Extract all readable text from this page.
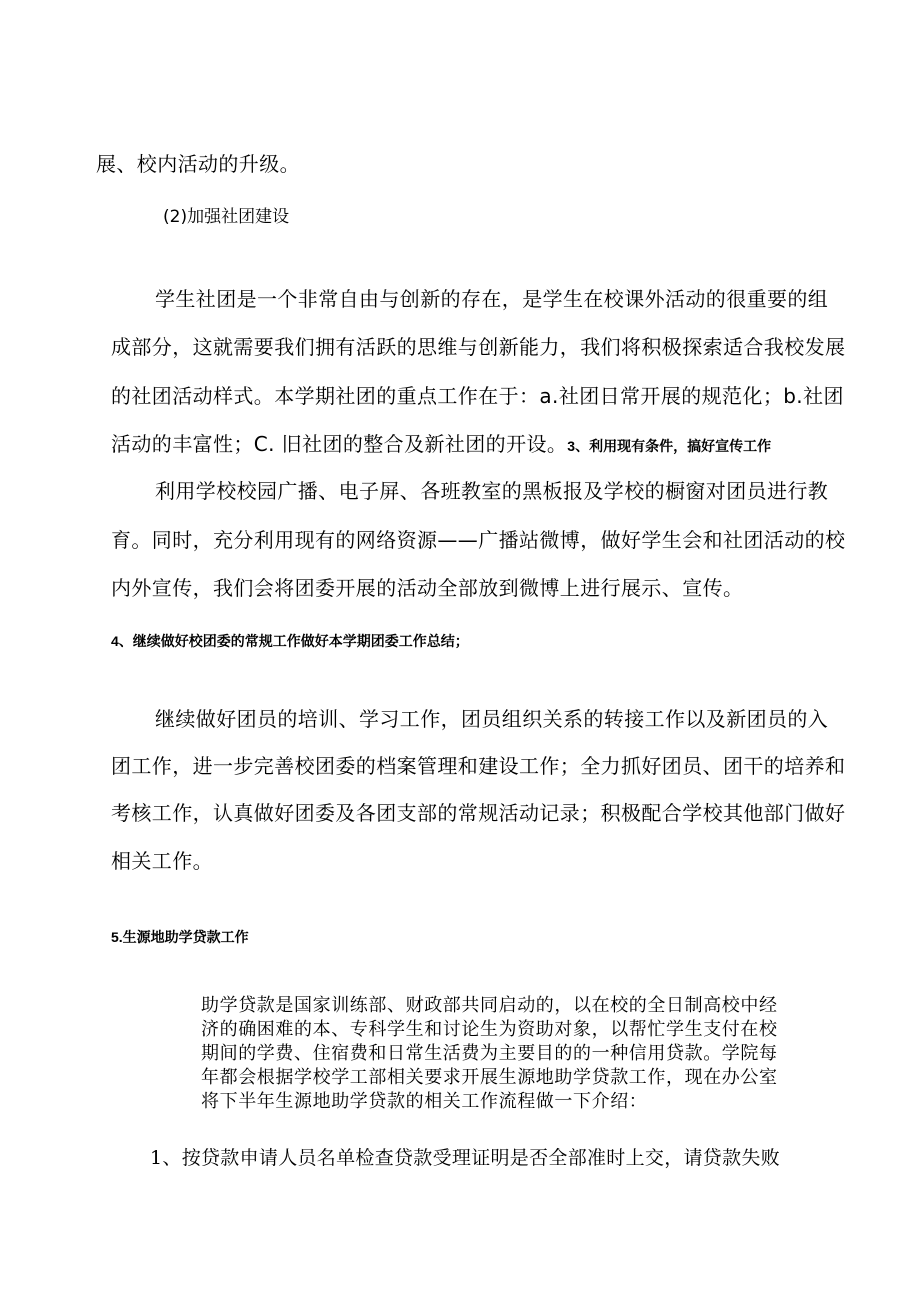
展、校内活动的升级。
(2)加强社团建设
学生社团是一个非常自由与创新的存在，是学生在校课外活动的很重要的组
成部分，这就需要我们拥有活跃的思维与创新能力，我们将积极探索适合我校发展
的社团活动样式。本学期社团的重点工作在于：a.社团日常开展的规范化；b.社团
活动的丰富性；C. 旧社团的整合及新社团的开设。3、利用现有条件，搞好宣传工作
利用学校校园广播、电子屏、各班教室的黑板报及学校的橱窗对团员进行教
育。同时，充分利用现有的网络资源——广播站微博，做好学生会和社团活动的校
内外宣传，我们会将团委开展的活动全部放到微博上进行展示、宣传。
4、继续做好校团委的常规工作做好本学期团委工作总结；
继续做好团员的培训、学习工作，团员组织关系的转接工作以及新团员的入
团工作，进一步完善校团委的档案管理和建设工作；全力抓好团员、团干的培养和
考核工作，认真做好团委及各团支部的常规活动记录；积极配合学校其他部门做好
相关工作。
5.生源地助学贷款工作
助学贷款是国家训练部、财政部共同启动的，以在校的全日制高校中经
济的确困难的本、专科学生和讨论生为资助对象，以帮忙学生支付在校
期间的学费、住宿费和日常生活费为主要目的的一种信用贷款。学院每
年都会根据学校学工部相关要求开展生源地助学贷款工作，现在办公室
将下半年生源地助学贷款的相关工作流程做一下介绍：
1、按贷款申请人员名单检查贷款受理证明是否全部准时上交，请贷款失败
